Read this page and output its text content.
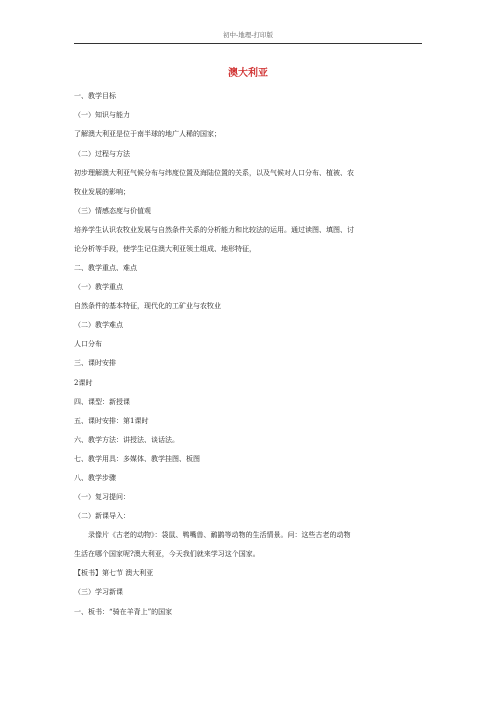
初中-地理-打印版
澳大利亚
一、教学目标
（一）知识与能力
了解澳大利亚是位于南半球的地广人稀的国家；
（二）过程与方法
初步理解澳大利亚气候分布与纬度位置及海陆位置的关系，以及气候对人口分布、植被、农
牧业发展的影响；
（三）情感态度与价值观
培养学生认识农牧业发展与自然条件关系的分析能力和比较法的运用。通过读图、填图、讨
论分析等手段，使学生记住澳大利亚领土组成、地形特征，
二、教学重点、难点
（一）教学重点
自然条件的基本特征，现代化的工矿业与农牧业
（二）教学难点
人口分布
三、课时安排
2课时
四、课型：新授课
五、课时安排：第1课时
六、教学方法：讲授法、谈话法。
七、教学用具：多媒体、教学挂图、板图
八、教学步骤
（一）复习提问：
（二）新课导入：
录像片《古老的动物》：袋鼠、鸭嘴兽、鸸鹋等动物的生活情景。问：这些古老的动物
生活在哪个国家呢?澳大利亚，今天我们就来学习这个国家。
【板书】第七节 澳大利亚
（三）学习新课
一、板书：“骑在羊背上”的国家
